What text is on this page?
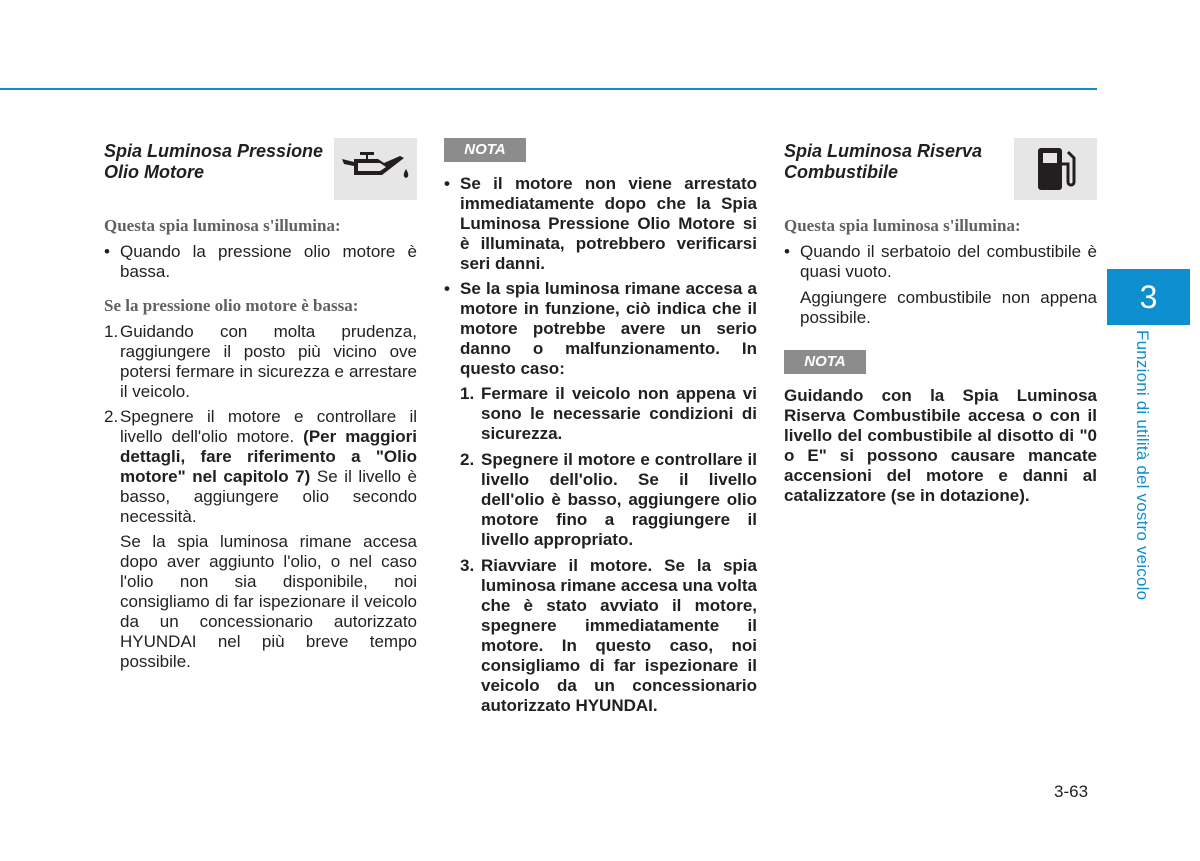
Spia Luminosa Pressione Olio Motore

Questa spia luminosa s'illumina:

• Quando la pressione olio motore è bassa.

Se la pressione olio motore è bassa:

1. Guidando con molta prudenza, raggiungere il posto più vicino ove potersi fermare in sicurezza e arrestare il veicolo.
2. Spegnere il motore e controllare il livello dell'olio motore. (Per maggiori dettagli, fare riferimento a "Olio motore" nel capitolo 7) Se il livello è basso, aggiungere olio secondo necessità.
Se la spia luminosa rimane accesa dopo aver aggiunto l'olio, o nel caso l'olio non sia disponibile, noi consigliamo di far ispezionare il veicolo da un concessionario autorizzato HYUNDAI nel più breve tempo possibile.
NOTA
• Se il motore non viene arrestato immediatamente dopo che la Spia Luminosa Pressione Olio Motore si è illuminata, potrebbero verificarsi seri danni.
• Se la spia luminosa rimane accesa a motore in funzione, ciò indica che il motore potrebbe avere un serio danno o malfunzionamento. In questo caso:
1. Fermare il veicolo non appena vi sono le necessarie condizioni di sicurezza.
2. Spegnere il motore e controllare il livello dell'olio. Se il livello dell'olio è basso, aggiungere olio motore fino a raggiungere il livello appropriato.
3. Riavviare il motore. Se la spia luminosa rimane accesa una volta che è stato avviato il motore, spegnere immediatamente il motore. In questo caso, noi consigliamo di far ispezionare il veicolo da un concessionario autorizzato HYUNDAI.
Spia Luminosa Riserva Combustibile

Questa spia luminosa s'illumina:

• Quando il serbatoio del combustibile è quasi vuoto.
Aggiungere combustibile non appena possibile.
NOTA

Guidando con la Spia Luminosa Riserva Combustibile accesa o con il livello del combustibile al disotto di "0 o E" si possono causare mancate accensioni del motore e danni al catalizzatore (se in dotazione).

3
Funzioni di utilità del vostro veicolo
3-63
